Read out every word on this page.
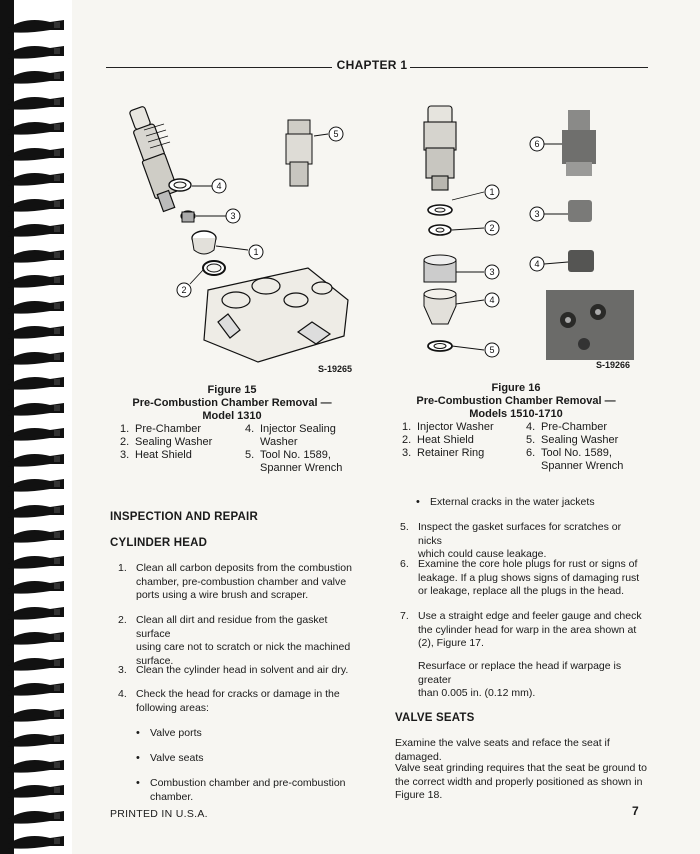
CHAPTER 1
5
4
3
1
2
S-19265
1
2
3
4
5
6
3
4
S-19266
Figure 15
Pre-Combustion Chamber Removal —
Model 1310
1. Pre-Chamber
2. Sealing Washer
3. Heat Shield
4. Injector Sealing
Washer
5. Tool No. 1589,
Spanner Wrench
Figure 16
Pre-Combustion Chamber Removal —
Models 1510-1710
1. Injector Washer
2. Heat Shield
3. Retainer Ring
4. Pre-Chamber
5. Sealing Washer
6. Tool No. 1589,
Spanner Wrench
INSPECTION AND REPAIR
CYLINDER HEAD
1. Clean all carbon deposits from the combustion
chamber, pre-combustion chamber and valve
ports using a wire brush and scraper.
2. Clean all dirt and residue from the gasket surface
using care not to scratch or nick the machined
surface.
3. Clean the cylinder head in solvent and air dry.
4. Check the head for cracks or damage in the
following areas:
• Valve ports
• Valve seats
• Combustion chamber and pre-combustion
chamber.
• External cracks in the water jackets
5. Inspect the gasket surfaces for scratches or nicks
which could cause leakage.
6. Examine the core hole plugs for rust or signs of
leakage. If a plug shows signs of damaging rust
or leakage, replace all the plugs in the head.
7. Use a straight edge and feeler gauge and check
the cylinder head for warp in the area shown at
(2), Figure 17.
Resurface or replace the head if warpage is greater
than 0.005 in. (0.12 mm).
VALVE SEATS
Examine the valve seats and reface the seat if damaged.
Valve seat grinding requires that the seat be ground to
the correct width and properly positioned as shown in
Figure 18.
PRINTED IN U.S.A.	7
